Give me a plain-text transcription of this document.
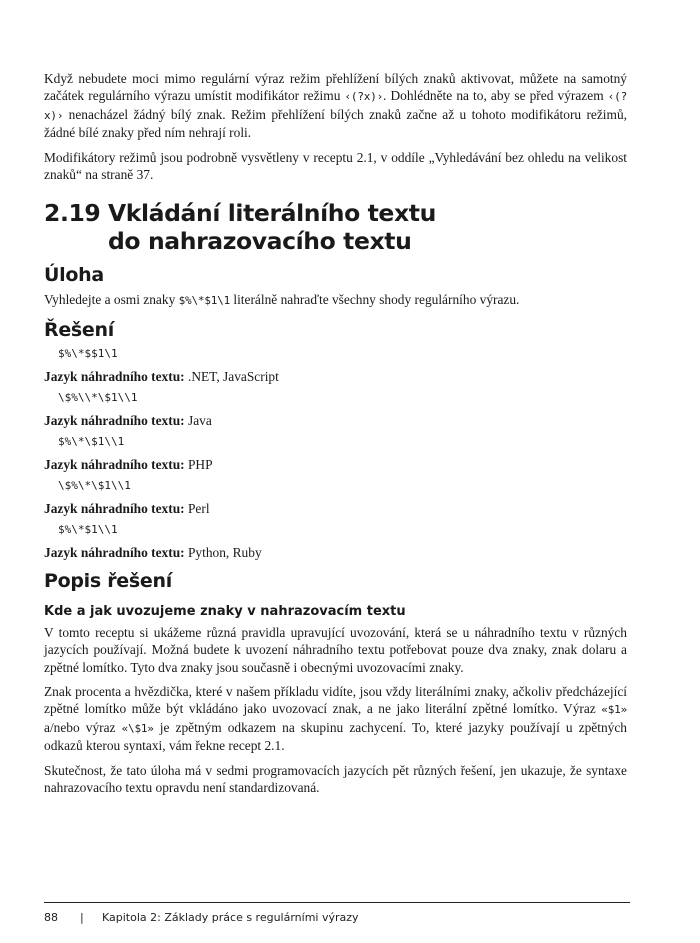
Když nebudete moci mimo regulární výraz režim přehlížení bílých znaků aktivovat, můžete na samotný začátek regulárního výrazu umístit modifikátor režimu ‹(?x)›. Dohlédněte na to, aby se před výrazem ‹(?x)› nenacházel žádný bílý znak. Režim přehlížení bílých znaků začne až u tohoto modifikátoru režimů, žádné bílé znaky před ním nehrají roli.

Modifikátory režimů jsou podrobně vysvětleny v receptu 2.1, v oddíle „Vyhledávání bez ohledu na velikost znaků“ na straně 37.

2.19 Vkládání literálního textu
do nahrazovacího textu
Úloha

Vyhledejte a osmi znaky $%\*$1\1 literálně nahraďte všechny shody regulárního výrazu.

Řešení
$%\*$$1\1
Jazyk náhradního textu: .NET, JavaScript
\$%\\*\$1\\1
Jazyk náhradního textu: Java
$%\*\$1\\1
Jazyk náhradního textu: PHP
\$%\*\$1\\1
Jazyk náhradního textu: Perl
$%\*$1\\1
Jazyk náhradního textu: Python, Ruby
Popis řešení
Kde a jak uvozujeme znaky v nahrazovacím textu

V tomto receptu si ukážeme různá pravidla upravující uvozování, která se u náhradního textu v různých jazycích používají. Možná budete k uvození náhradního textu potřebovat pouze dva znaky, znak dolaru a zpětné lomítko. Tyto dva znaky jsou současně i obecnými uvozovacími znaky.

Znak procenta a hvězdička, které v našem příkladu vidíte, jsou vždy literálními znaky, ačkoliv předcházející zpětné lomítko může být vkládáno jako uvozovací znak, a ne jako literální zpětné lomítko. Výraz «$1» a/nebo výraz «\$1» je zpětným odkazem na skupinu zachycení. To, které jazyky používají u zpětných odkazů kterou syntaxi, vám řekne recept 2.1.

Skutečnost, že tato úloha má v sedmi programovacích jazycích pět různých řešení, jen ukazuje, že syntaxe nahrazovacího textu opravdu není standardizovaná.

88	|	Kapitola 2: Základy práce s regulárními výrazy
